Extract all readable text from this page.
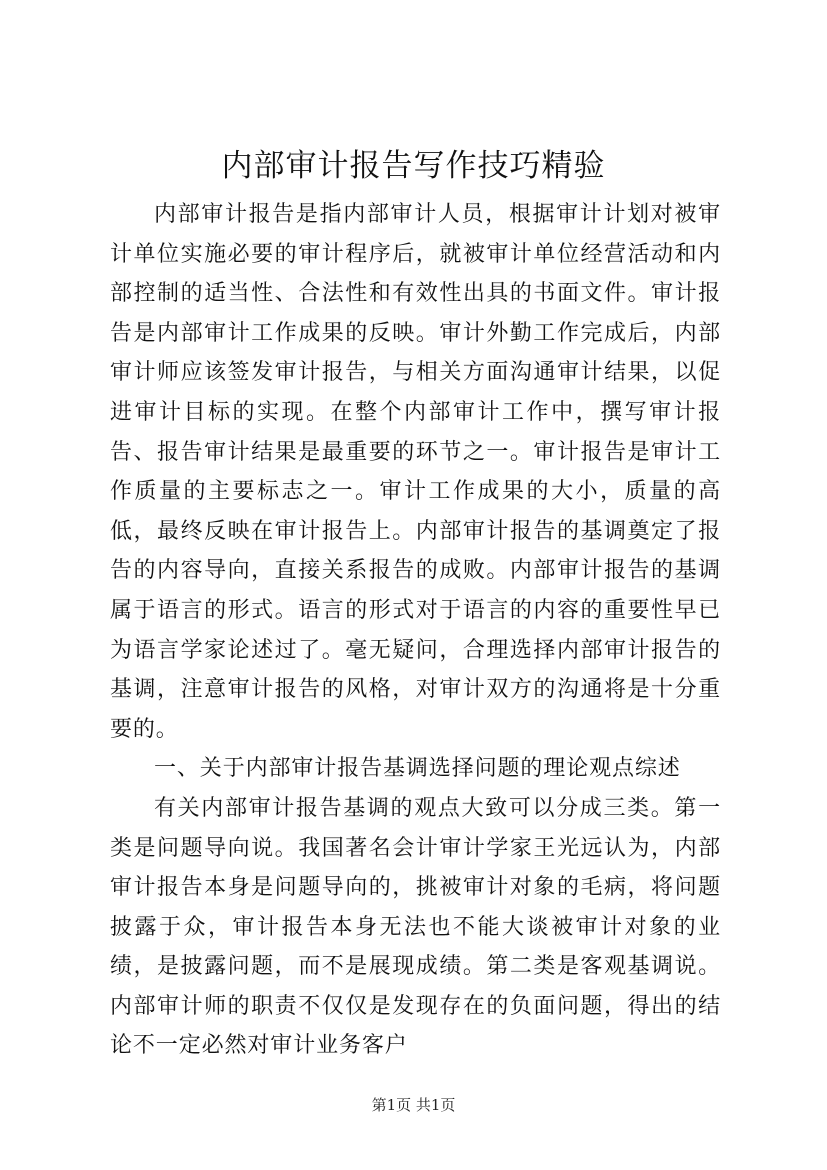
内部审计报告写作技巧精验

内部审计报告是指内部审计人员，根据审计计划对被审计单位实施必要的审计程序后，就被审计单位经营活动和内部控制的适当性、合法性和有效性出具的书面文件。审计报告是内部审计工作成果的反映。审计外勤工作完成后，内部审计师应该签发审计报告，与相关方面沟通审计结果，以促进审计目标的实现。在整个内部审计工作中，撰写审计报告、报告审计结果是最重要的环节之一。审计报告是审计工作质量的主要标志之一。审计工作成果的大小，质量的高低，最终反映在审计报告上。内部审计报告的基调奠定了报告的内容导向，直接关系报告的成败。内部审计报告的基调属于语言的形式。语言的形式对于语言的内容的重要性早已为语言学家论述过了。毫无疑问，合理选择内部审计报告的基调，注意审计报告的风格，对审计双方的沟通将是十分重要的。

一、关于内部审计报告基调选择问题的理论观点综述

有关内部审计报告基调的观点大致可以分成三类。第一类是问题导向说。我国著名会计审计学家王光远认为，内部审计报告本身是问题导向的，挑被审计对象的毛病，将问题披露于众，审计报告本身无法也不能大谈被审计对象的业绩，是披露问题，而不是展现成绩。第二类是客观基调说。内部审计师的职责不仅仅是发现存在的负面问题，得出的结论不一定必然对审计业务客户

第1页 共1页
